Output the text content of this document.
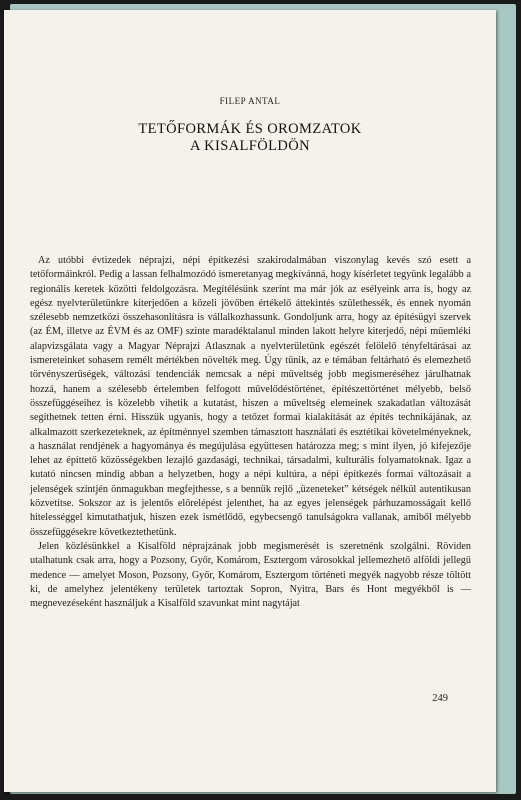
FILEP ANTAL
TETŐFORMÁK ÉS OROMZATOK
A KISALFÖLDÖN

Az utóbbi évtizedek néprajzi, népi építkezési szakirodalmában viszonylag kevés szó esett a tetőformáinkról. Pedig a lassan felhalmozódó ismeretanyag megkívánná, hogy kísérletet tegyünk legalább a regionális keretek közötti feldolgozásra. Megítélésünk szerint ma már jók az esélyeink arra is, hogy az egész nyelvterületünkre kiterjedően a közeli jövőben értékelő áttekintés születhessék, és ennek nyomán szélesebb nemzetközi összehasonlításra is vállalkozhassunk. Gondoljunk arra, hogy az építésügyi szervek (az ÉM, illetve az ÉVM és az OMF) szinte maradéktalanul minden lakott helyre kiterjedő, népi műemléki alapvizsgálata vagy a Magyar Néprajzi Atlasznak a nyelvterületünk egészét felölelő tényfeltárásai az ismereteinket sohasem remélt mértékben növelték meg. Úgy tűnik, az e témában feltárható és elemezhető törvényszerűségek, változási tendenciák nemcsak a népi műveltség jobb megismeréséhez járulhatnak hozzá, hanem a szélesebb értelemben felfogott művelődéstörténet, építészettörténet mélyebb, belső összefüggéseihez is közelebb vihetik a kutatást, hiszen a műveltség elemeinek szakadatlan változását segíthetnek tetten érni. Hisszük ugyanis, hogy a tetőzet formai kialakítását az építés technikájának, az alkalmazott szerkezeteknek, az építménnyel szemben támasztott használati és esztétikai követelményeknek, a használat rendjének a hagyománya és megújulása együttesen határozza meg; s mint ilyen, jó kifejezője lehet az építtető közösségekben lezajló gazdasági, technikai, társadalmi, kulturális folyamatoknak. Igaz a kutató nincsen mindig abban a helyzetben, hogy a népi kultúra, a népi építkezés formai változásait a jelenségek szintjén önmagukban megfejthesse, s a bennük rejlő „üzeneteket” kétségek nélkül autentikusan közvetítse. Sokszor az is jelentős előrelépést jelenthet, ha az egyes jelenségek párhuzamosságait kellő hitelességgel kimutathatjuk, hiszen ezek ismétlődő, egybecsengő tanulságokra vallanak, amiből mélyebb összefüggésekre következtethetünk.

Jelen közlésünkkel a Kisalföld néprajzának jobb megismerését is szeretnénk szolgálni. Röviden utalhatunk csak arra, hogy a Pozsony, Győr, Komárom, Esztergom városokkal jellemezhető alföldi jellegű medence — amelyet Moson, Pozsony, Győr, Komárom, Esztergom történeti megyék nagyobb része töltött ki, de amelyhez jelentékeny területek tartoztak Sopron, Nyitra, Bars és Hont megyékből is — megnevezéseként használjuk a Kisalföld szavunkat mint nagytájat

249
